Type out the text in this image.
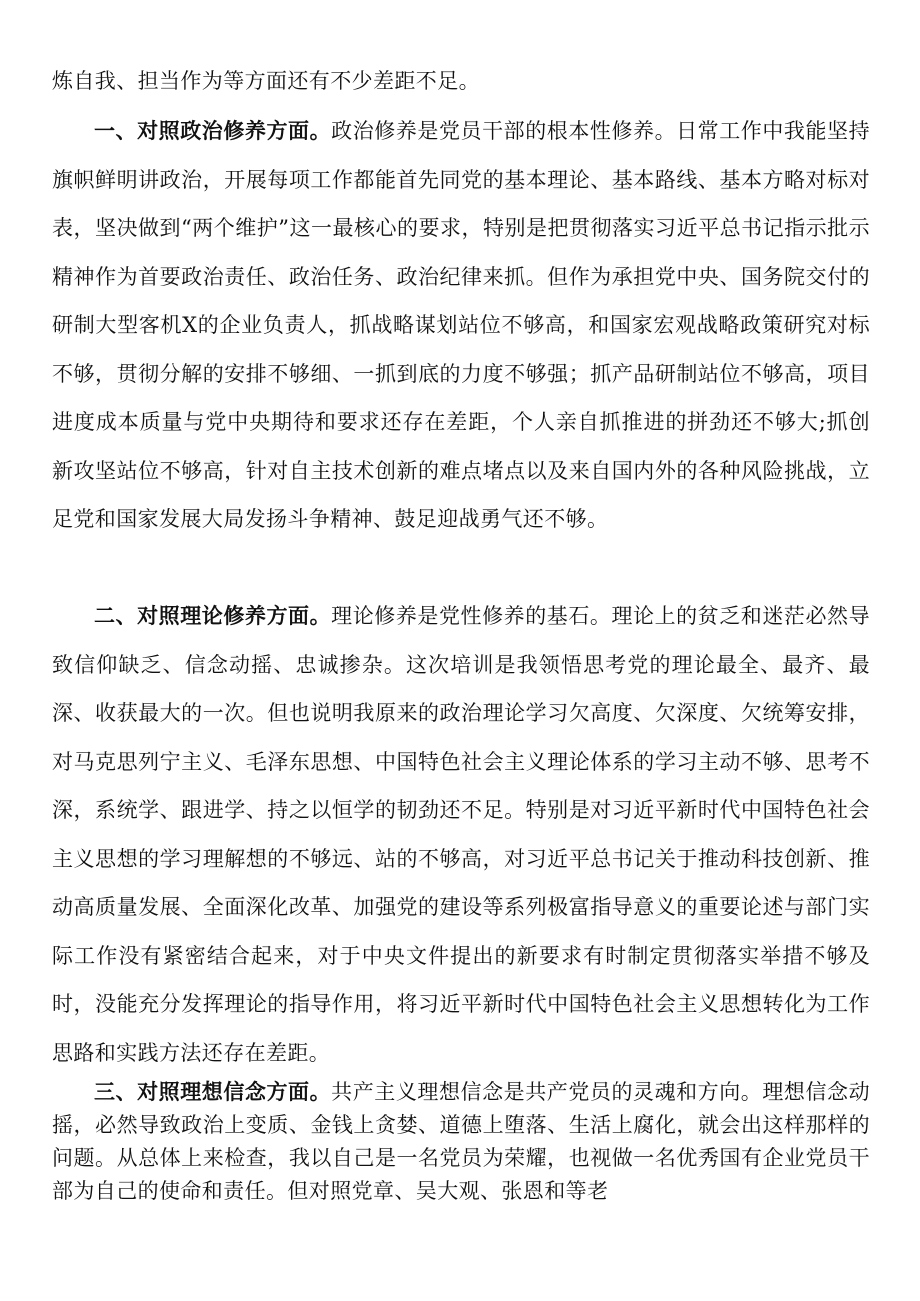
炼自我、担当作为等方面还有不少差距不足。

一、对照政治修养方面。政治修养是党员干部的根本性修养。日常工作中我能坚持旗帜鲜明讲政治，开展每项工作都能首先同党的基本理论、基本路线、基本方略对标对表，坚决做到“两个维护”这一最核心的要求，特别是把贯彻落实习近平总书记指示批示精神作为首要政治责任、政治任务、政治纪律来抓。但作为承担党中央、国务院交付的研制大型客机X的企业负责人，抓战略谋划站位不够高，和国家宏观战略政策研究对标不够，贯彻分解的安排不够细、一抓到底的力度不够强；抓产品研制站位不够高，项目进度成本质量与党中央期待和要求还存在差距，个人亲自抓推进的拼劲还不够大;抓创新攻坚站位不够高，针对自主技术创新的难点堵点以及来自国内外的各种风险挑战，立足党和国家发展大局发扬斗争精神、鼓足迎战勇气还不够。

二、对照理论修养方面。理论修养是党性修养的基石。理论上的贫乏和迷茫必然导致信仰缺乏、信念动摇、忠诚掺杂。这次培训是我领悟思考党的理论最全、最齐、最深、收获最大的一次。但也说明我原来的政治理论学习欠高度、欠深度、欠统筹安排，对马克思列宁主义、毛泽东思想、中国特色社会主义理论体系的学习主动不够、思考不深，系统学、跟进学、持之以恒学的韧劲还不足。特别是对习近平新时代中国特色社会主义思想的学习理解想的不够远、站的不够高，对习近平总书记关于推动科技创新、推动高质量发展、全面深化改革、加强党的建设等系列极富指导意义的重要论述与部门实际工作没有紧密结合起来，对于中央文件提出的新要求有时制定贯彻落实举措不够及时，没能充分发挥理论的指导作用，将习近平新时代中国特色社会主义思想转化为工作思路和实践方法还存在差距。

三、对照理想信念方面。共产主义理想信念是共产党员的灵魂和方向。理想信念动摇，必然导致政治上变质、金钱上贪婪、道德上堕落、生活上腐化，就会出这样那样的问题。从总体上来检查，我以自己是一名党员为荣耀，也视做一名优秀国有企业党员干部为自己的使命和责任。但对照党章、吴大观、张恩和等老
